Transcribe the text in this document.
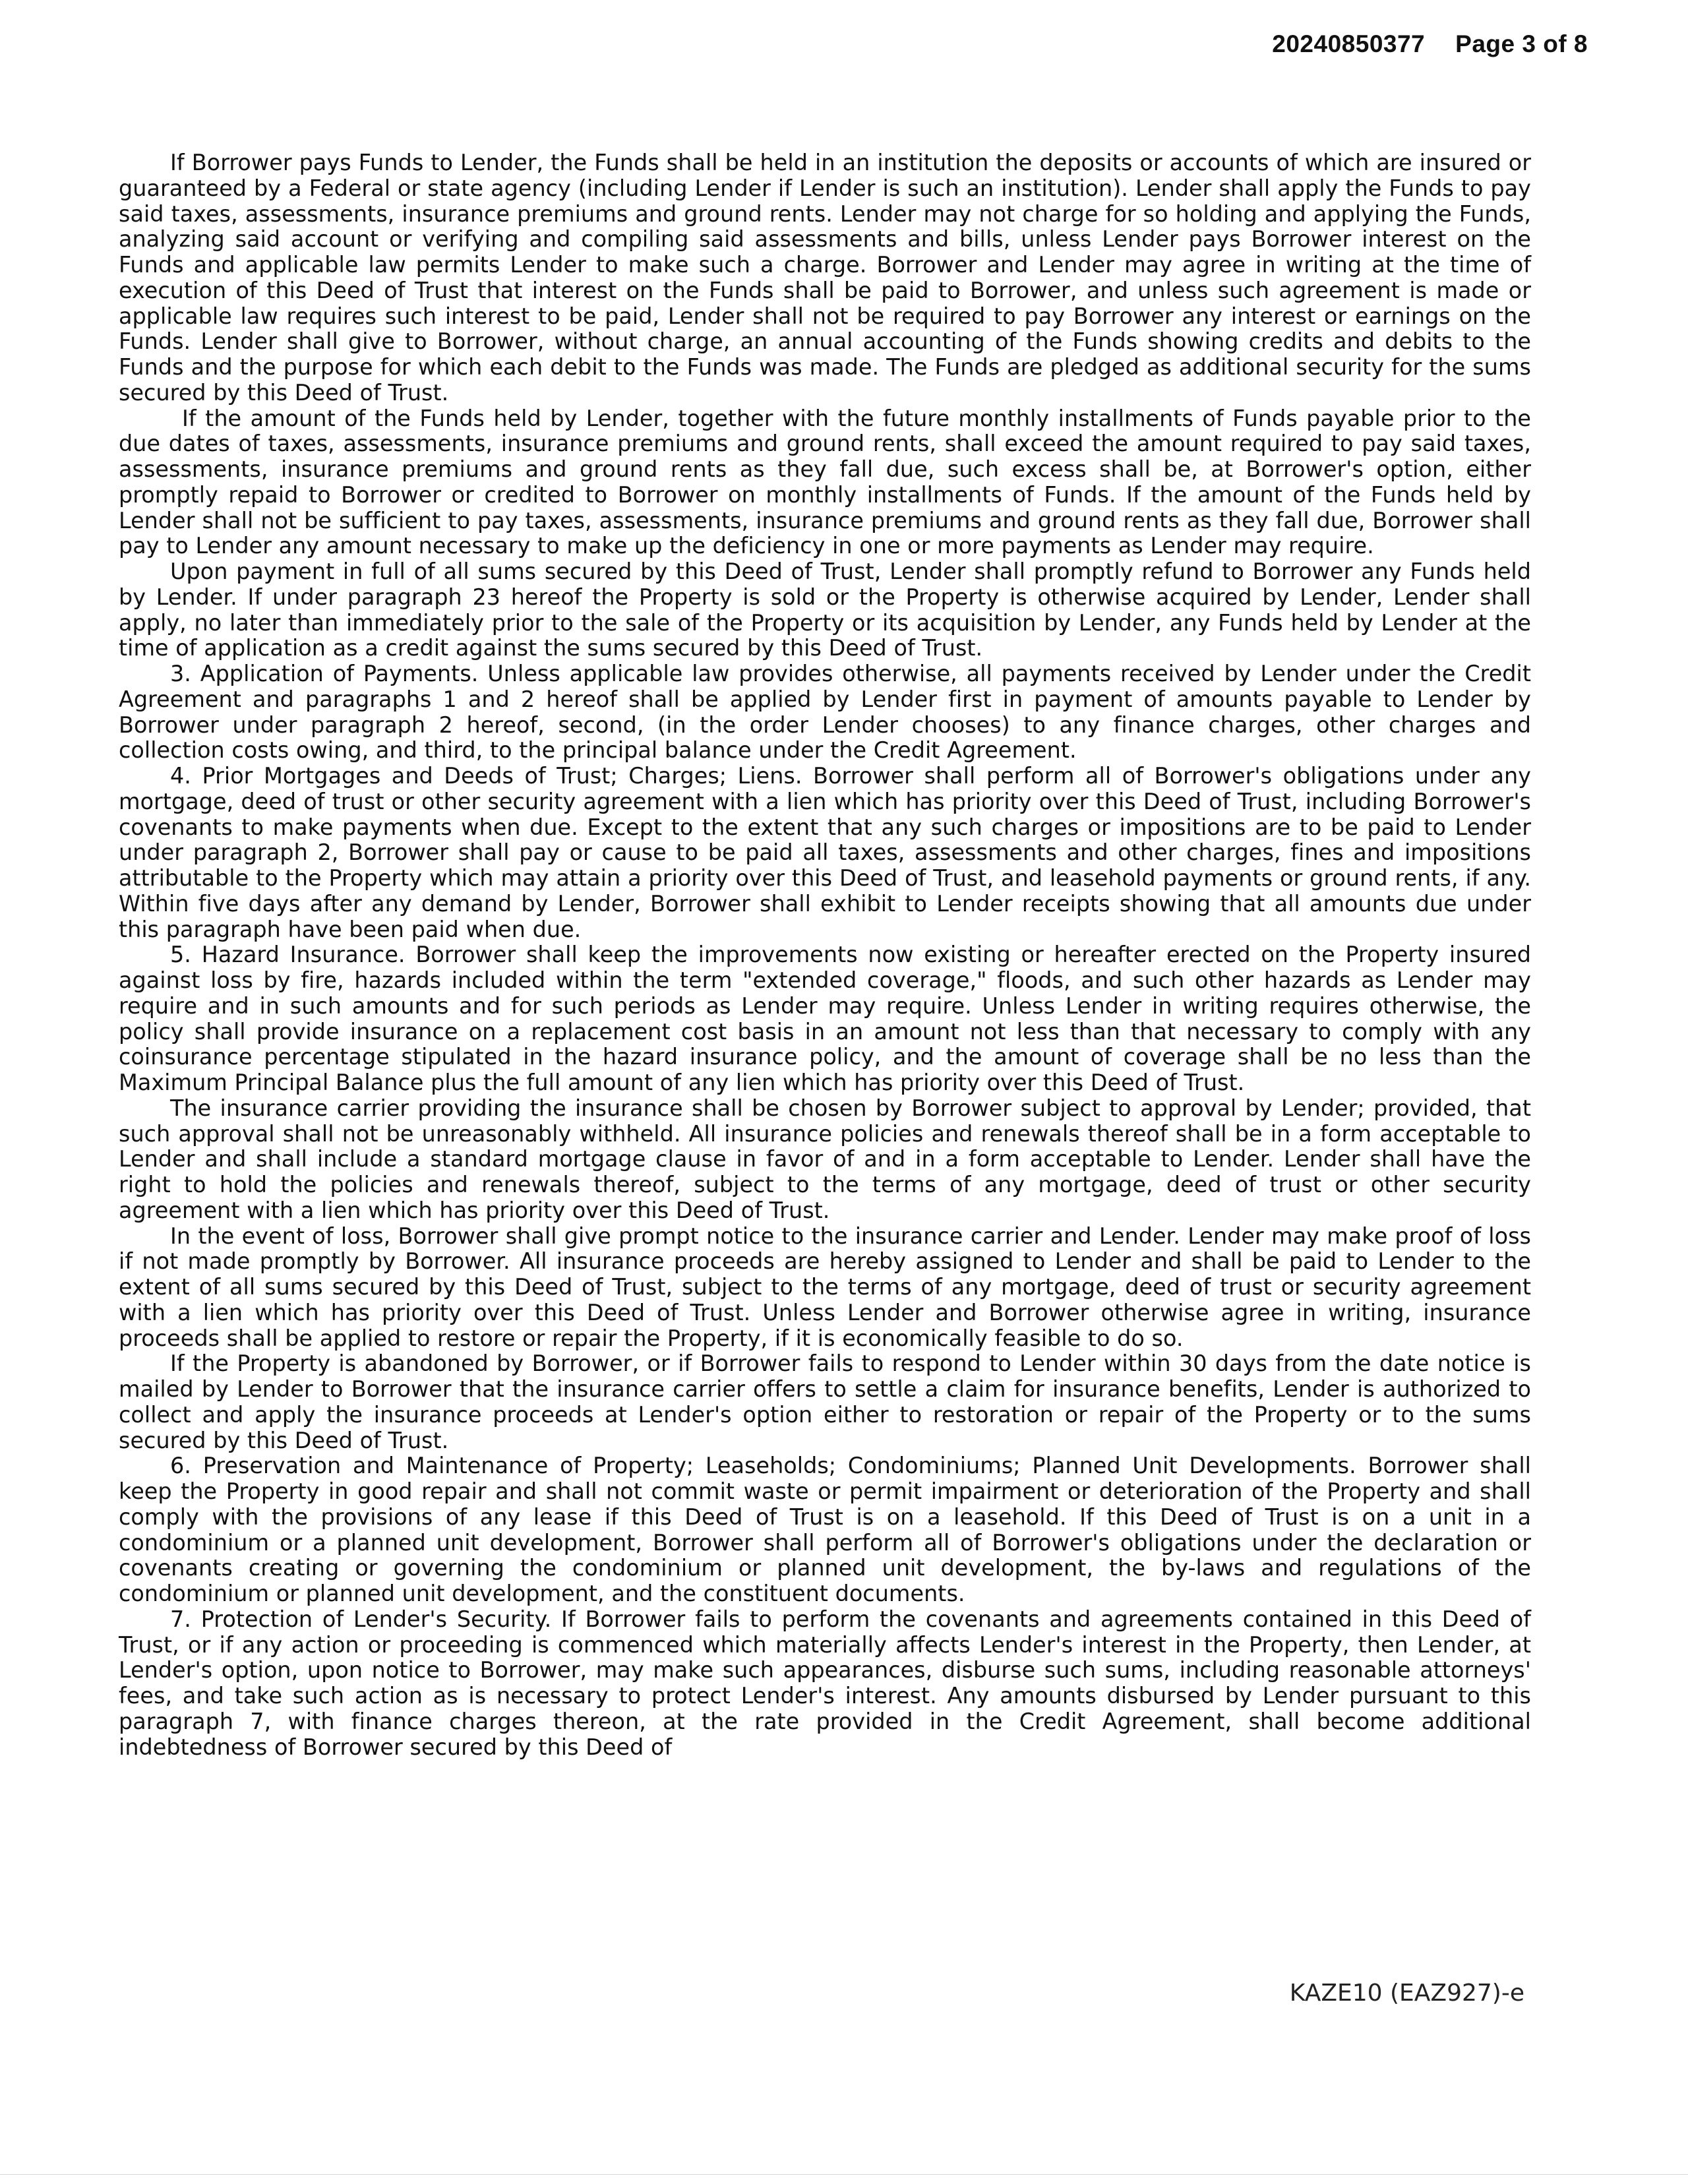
20240850377 Page 3 of 8

If Borrower pays Funds to Lender, the Funds shall be held in an institution the deposits or accounts of which are insured or guaranteed by a Federal or state agency (including Lender if Lender is such an institution). Lender shall apply the Funds to pay said taxes, assessments, insurance premiums and ground rents. Lender may not charge for so holding and applying the Funds, analyzing said account or verifying and compiling said assessments and bills, unless Lender pays Borrower interest on the Funds and applicable law permits Lender to make such a charge. Borrower and Lender may agree in writing at the time of execution of this Deed of Trust that interest on the Funds shall be paid to Borrower, and unless such agreement is made or applicable law requires such interest to be paid, Lender shall not be required to pay Borrower any interest or earnings on the Funds. Lender shall give to Borrower, without charge, an annual accounting of the Funds showing credits and debits to the Funds and the purpose for which each debit to the Funds was made. The Funds are pledged as additional security for the sums secured by this Deed of Trust.

If the amount of the Funds held by Lender, together with the future monthly installments of Funds payable prior to the due dates of taxes, assessments, insurance premiums and ground rents, shall exceed the amount required to pay said taxes, assessments, insurance premiums and ground rents as they fall due, such excess shall be, at Borrower's option, either promptly repaid to Borrower or credited to Borrower on monthly installments of Funds. If the amount of the Funds held by Lender shall not be sufficient to pay taxes, assessments, insurance premiums and ground rents as they fall due, Borrower shall pay to Lender any amount necessary to make up the deficiency in one or more payments as Lender may require.

Upon payment in full of all sums secured by this Deed of Trust, Lender shall promptly refund to Borrower any Funds held by Lender. If under paragraph 23 hereof the Property is sold or the Property is otherwise acquired by Lender, Lender shall apply, no later than immediately prior to the sale of the Property or its acquisition by Lender, any Funds held by Lender at the time of application as a credit against the sums secured by this Deed of Trust.

3. Application of Payments. Unless applicable law provides otherwise, all payments received by Lender under the Credit Agreement and paragraphs 1 and 2 hereof shall be applied by Lender first in payment of amounts payable to Lender by Borrower under paragraph 2 hereof, second, (in the order Lender chooses) to any finance charges, other charges and collection costs owing, and third, to the principal balance under the Credit Agreement.

4. Prior Mortgages and Deeds of Trust; Charges; Liens. Borrower shall perform all of Borrower's obligations under any mortgage, deed of trust or other security agreement with a lien which has priority over this Deed of Trust, including Borrower's covenants to make payments when due. Except to the extent that any such charges or impositions are to be paid to Lender under paragraph 2, Borrower shall pay or cause to be paid all taxes, assessments and other charges, fines and impositions attributable to the Property which may attain a priority over this Deed of Trust, and leasehold payments or ground rents, if any. Within five days after any demand by Lender, Borrower shall exhibit to Lender receipts showing that all amounts due under this paragraph have been paid when due.

5. Hazard Insurance. Borrower shall keep the improvements now existing or hereafter erected on the Property insured against loss by fire, hazards included within the term "extended coverage," floods, and such other hazards as Lender may require and in such amounts and for such periods as Lender may require. Unless Lender in writing requires otherwise, the policy shall provide insurance on a replacement cost basis in an amount not less than that necessary to comply with any coinsurance percentage stipulated in the hazard insurance policy, and the amount of coverage shall be no less than the Maximum Principal Balance plus the full amount of any lien which has priority over this Deed of Trust.

The insurance carrier providing the insurance shall be chosen by Borrower subject to approval by Lender; provided, that such approval shall not be unreasonably withheld. All insurance policies and renewals thereof shall be in a form acceptable to Lender and shall include a standard mortgage clause in favor of and in a form acceptable to Lender. Lender shall have the right to hold the policies and renewals thereof, subject to the terms of any mortgage, deed of trust or other security agreement with a lien which has priority over this Deed of Trust.

In the event of loss, Borrower shall give prompt notice to the insurance carrier and Lender. Lender may make proof of loss if not made promptly by Borrower. All insurance proceeds are hereby assigned to Lender and shall be paid to Lender to the extent of all sums secured by this Deed of Trust, subject to the terms of any mortgage, deed of trust or security agreement with a lien which has priority over this Deed of Trust. Unless Lender and Borrower otherwise agree in writing, insurance proceeds shall be applied to restore or repair the Property, if it is economically feasible to do so.

If the Property is abandoned by Borrower, or if Borrower fails to respond to Lender within 30 days from the date notice is mailed by Lender to Borrower that the insurance carrier offers to settle a claim for insurance benefits, Lender is authorized to collect and apply the insurance proceeds at Lender's option either to restoration or repair of the Property or to the sums secured by this Deed of Trust.

6. Preservation and Maintenance of Property; Leaseholds; Condominiums; Planned Unit Developments. Borrower shall keep the Property in good repair and shall not commit waste or permit impairment or deterioration of the Property and shall comply with the provisions of any lease if this Deed of Trust is on a leasehold. If this Deed of Trust is on a unit in a condominium or a planned unit development, Borrower shall perform all of Borrower's obligations under the declaration or covenants creating or governing the condominium or planned unit development, the by-laws and regulations of the condominium or planned unit development, and the constituent documents.

7. Protection of Lender's Security. If Borrower fails to perform the covenants and agreements contained in this Deed of Trust, or if any action or proceeding is commenced which materially affects Lender's interest in the Property, then Lender, at Lender's option, upon notice to Borrower, may make such appearances, disburse such sums, including reasonable attorneys' fees, and take such action as is necessary to protect Lender's interest. Any amounts disbursed by Lender pursuant to this paragraph 7, with finance charges thereon, at the rate provided in the Credit Agreement, shall become additional indebtedness of Borrower secured by this Deed of

KAZE10 (EAZ927)-e
